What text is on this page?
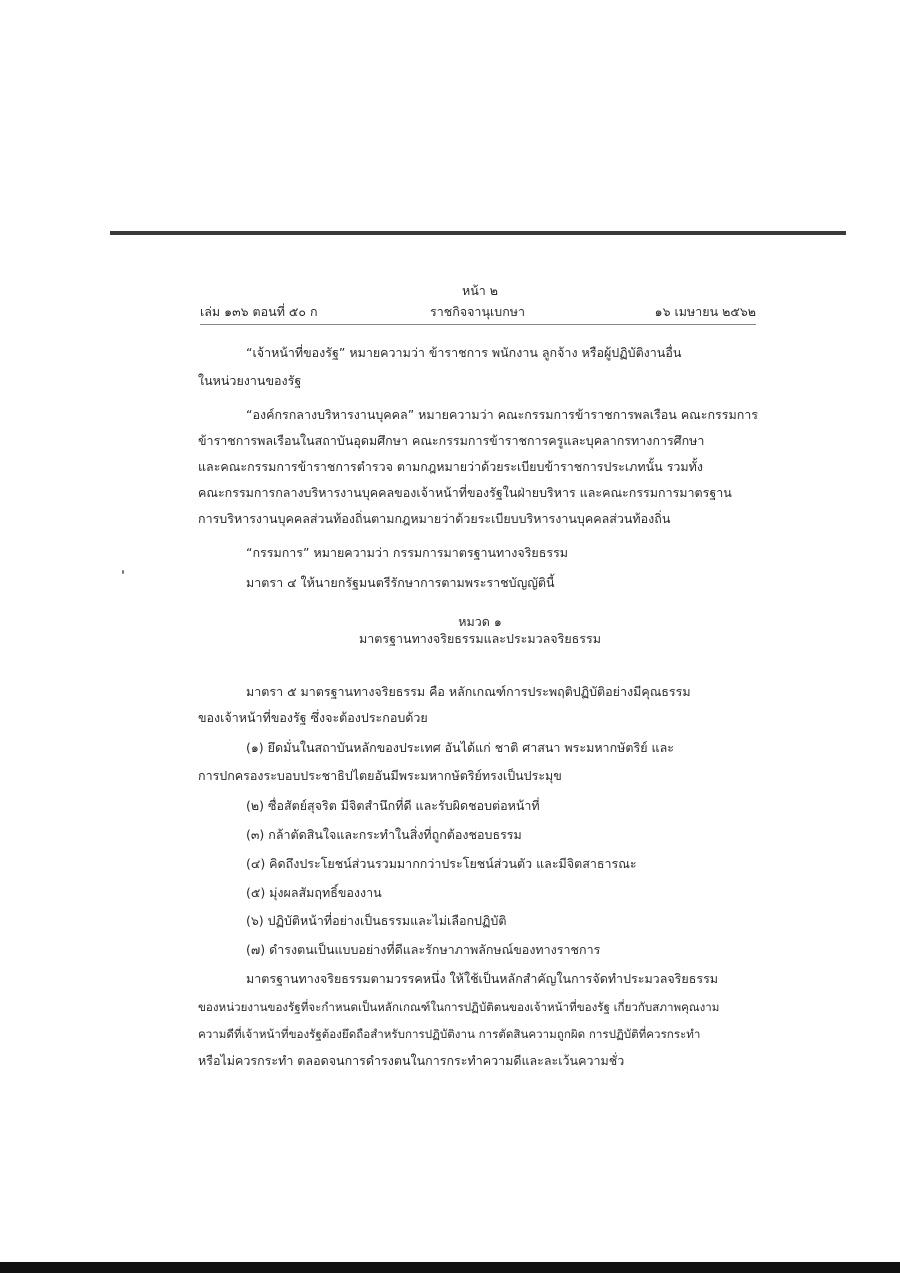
หน้า ๒
เล่ม ๑๓๖ ตอนที่ ๕๐ ก	ราชกิจจานุเบกษา	๑๖ เมษายน ๒๕๖๒
“เจ้าหน้าที่ของรัฐ” หมายความว่า ข้าราชการ พนักงาน ลูกจ้าง หรือผู้ปฏิบัติงานอื่น
ในหน่วยงานของรัฐ
“องค์กรกลางบริหารงานบุคคล” หมายความว่า คณะกรรมการข้าราชการพลเรือน คณะกรรมการ
ข้าราชการพลเรือนในสถาบันอุดมศึกษา คณะกรรมการข้าราชการครูและบุคลากรทางการศึกษา
และคณะกรรมการข้าราชการตำรวจ ตามกฎหมายว่าด้วยระเบียบข้าราชการประเภทนั้น รวมทั้ง
คณะกรรมการกลางบริหารงานบุคคลของเจ้าหน้าที่ของรัฐในฝ่ายบริหาร และคณะกรรมการมาตรฐาน
การบริหารงานบุคคลส่วนท้องถิ่นตามกฎหมายว่าด้วยระเบียบบริหารงานบุคคลส่วนท้องถิ่น
“กรรมการ” หมายความว่า กรรมการมาตรฐานทางจริยธรรม
มาตรา ๔ ให้นายกรัฐมนตรีรักษาการตามพระราชบัญญัตินี้
หมวด ๑
มาตรฐานทางจริยธรรมและประมวลจริยธรรม
มาตรา ๕ มาตรฐานทางจริยธรรม คือ หลักเกณฑ์การประพฤติปฏิบัติอย่างมีคุณธรรม
ของเจ้าหน้าที่ของรัฐ ซึ่งจะต้องประกอบด้วย
(๑) ยึดมั่นในสถาบันหลักของประเทศ อันได้แก่ ชาติ ศาสนา พระมหากษัตริย์ และ
การปกครองระบอบประชาธิปไตยอันมีพระมหากษัตริย์ทรงเป็นประมุข
(๒) ซื่อสัตย์สุจริต มีจิตสำนึกที่ดี และรับผิดชอบต่อหน้าที่
(๓) กล้าตัดสินใจและกระทำในสิ่งที่ถูกต้องชอบธรรม
(๔) คิดถึงประโยชน์ส่วนรวมมากกว่าประโยชน์ส่วนตัว และมีจิตสาธารณะ
(๕) มุ่งผลสัมฤทธิ์ของงาน
(๖) ปฏิบัติหน้าที่อย่างเป็นธรรมและไม่เลือกปฏิบัติ
(๗) ดำรงตนเป็นแบบอย่างที่ดีและรักษาภาพลักษณ์ของทางราชการ
มาตรฐานทางจริยธรรมตามวรรคหนึ่ง ให้ใช้เป็นหลักสำคัญในการจัดทำประมวลจริยธรรม
ของหน่วยงานของรัฐที่จะกำหนดเป็นหลักเกณฑ์ในการปฏิบัติตนของเจ้าหน้าที่ของรัฐ เกี่ยวกับสภาพคุณงาม
ความดีที่เจ้าหน้าที่ของรัฐต้องยึดถือสำหรับการปฏิบัติงาน การตัดสินความถูกผิด การปฏิบัติที่ควรกระทำ
หรือไม่ควรกระทำ ตลอดจนการดำรงตนในการกระทำความดีและละเว้นความชั่ว
